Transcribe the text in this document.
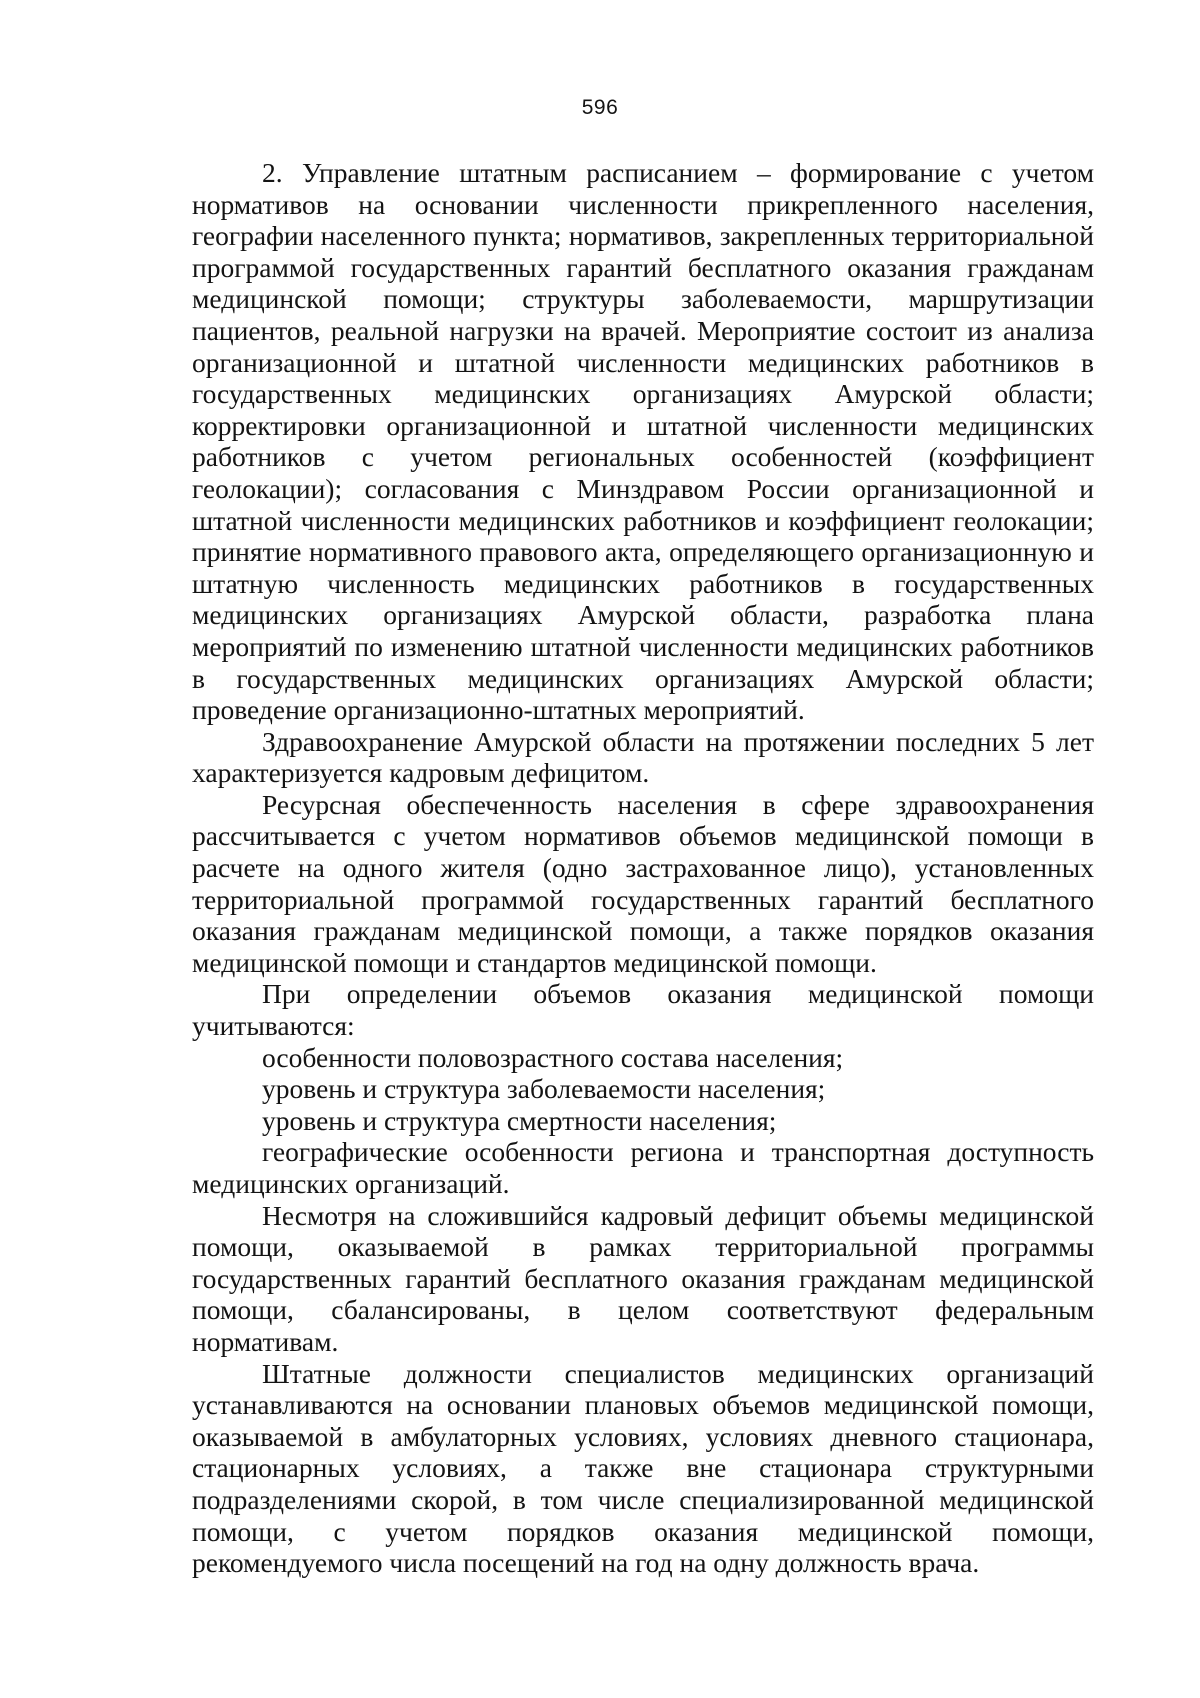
596

2. Управление штатным расписанием – формирование с учетом нормативов на основании численности прикрепленного населения, географии населенного пункта; нормативов, закрепленных территориальной программой государственных гарантий бесплатного оказания гражданам медицинской помощи; структуры заболеваемости, маршрутизации пациентов, реальной нагрузки на врачей. Мероприятие состоит из анализа организационной и штатной численности медицинских работников в государственных медицинских организациях Амурской области; корректировки организационной и штатной численности медицинских работников с учетом региональных особенностей (коэффициент геолокации); согласования с Минздравом России организационной и штатной численности медицинских работников и коэффициент геолокации; принятие нормативного правового акта, определяющего организационную и штатную численность медицинских работников в государственных медицинских организациях Амурской области, разработка плана мероприятий по изменению штатной численности медицинских работников в государственных медицинских организациях Амурской области; проведение организационно-штатных мероприятий.

Здравоохранение Амурской области на протяжении последних 5 лет характеризуется кадровым дефицитом.

Ресурсная обеспеченность населения в сфере здравоохранения рассчитывается с учетом нормативов объемов медицинской помощи в расчете на одного жителя (одно застрахованное лицо), установленных территориальной программой государственных гарантий бесплатного оказания гражданам медицинской помощи, а также порядков оказания медицинской помощи и стандартов медицинской помощи.

При определении объемов оказания медицинской помощи учитываются:

особенности половозрастного состава населения;

уровень и структура заболеваемости населения;

уровень и структура смертности населения;

географические особенности региона и транспортная доступность медицинских организаций.

Несмотря на сложившийся кадровый дефицит объемы медицинской помощи, оказываемой в рамках территориальной программы государственных гарантий бесплатного оказания гражданам медицинской помощи, сбалансированы, в целом соответствуют федеральным нормативам.

Штатные должности специалистов медицинских организаций устанавливаются на основании плановых объемов медицинской помощи, оказываемой в амбулаторных условиях, условиях дневного стационара, стационарных условиях, а также вне стационара структурными подразделениями скорой, в том числе специализированной медицинской помощи, с учетом порядков оказания медицинской помощи, рекомендуемого числа посещений на год на одну должность врача.
